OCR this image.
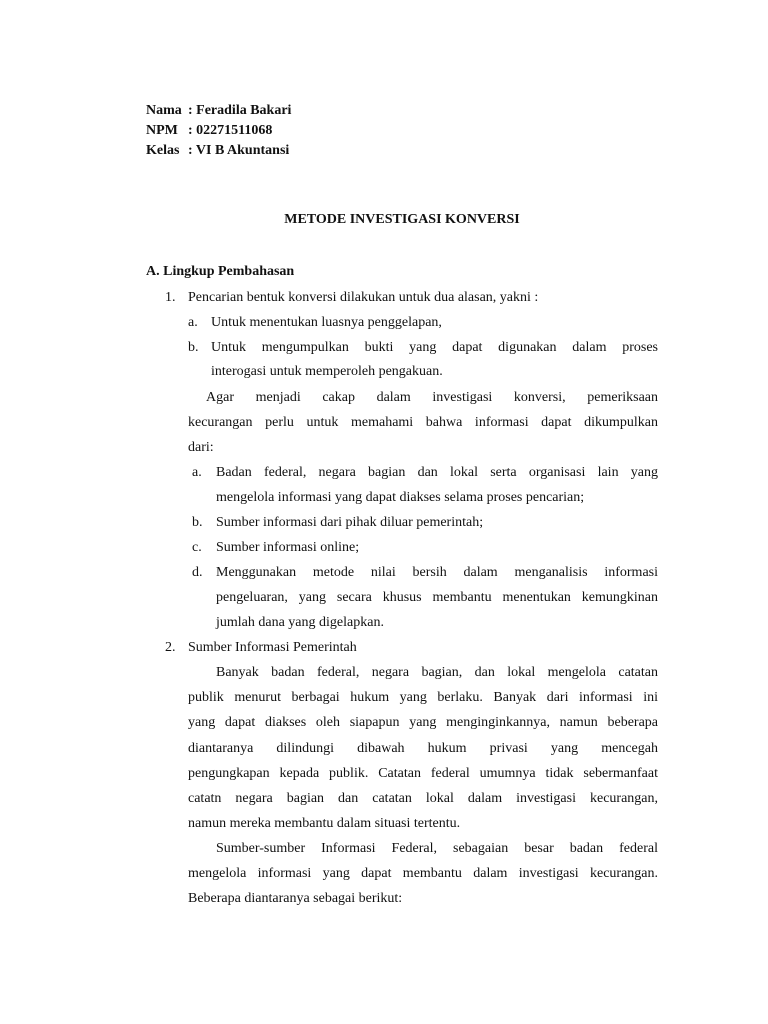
Nama : Feradila Bakari
NPM : 02271511068
Kelas : VI B Akuntansi
METODE INVESTIGASI KONVERSI
A. Lingkup Pembahasan
1. Pencarian bentuk konversi dilakukan untuk dua alasan, yakni :
a. Untuk menentukan luasnya penggelapan,
b. Untuk mengumpulkan bukti yang dapat digunakan dalam proses
interogasi untuk memperoleh pengakuan.
Agar menjadi cakap dalam investigasi konversi, pemeriksaan
kecurangan perlu untuk memahami bahwa informasi dapat dikumpulkan
dari:
a. Badan federal, negara bagian dan lokal serta organisasi lain yang
mengelola informasi yang dapat diakses selama proses pencarian;
b. Sumber informasi dari pihak diluar pemerintah;
c. Sumber informasi online;
d. Menggunakan metode nilai bersih dalam menganalisis informasi
pengeluaran, yang secara khusus membantu menentukan kemungkinan
jumlah dana yang digelapkan.
2. Sumber Informasi Pemerintah
Banyak badan federal, negara bagian, dan lokal mengelola catatan
publik menurut berbagai hukum yang berlaku. Banyak dari informasi ini
yang dapat diakses oleh siapapun yang menginginkannya, namun beberapa
diantaranya dilindungi dibawah hukum privasi yang mencegah
pengungkapan kepada publik. Catatan federal umumnya tidak sebermanfaat
catatn negara bagian dan catatan lokal dalam investigasi kecurangan,
namun mereka membantu dalam situasi tertentu.
Sumber-sumber Informasi Federal, sebagaian besar badan federal
mengelola informasi yang dapat membantu dalam investigasi kecurangan.
Beberapa diantaranya sebagai berikut:
